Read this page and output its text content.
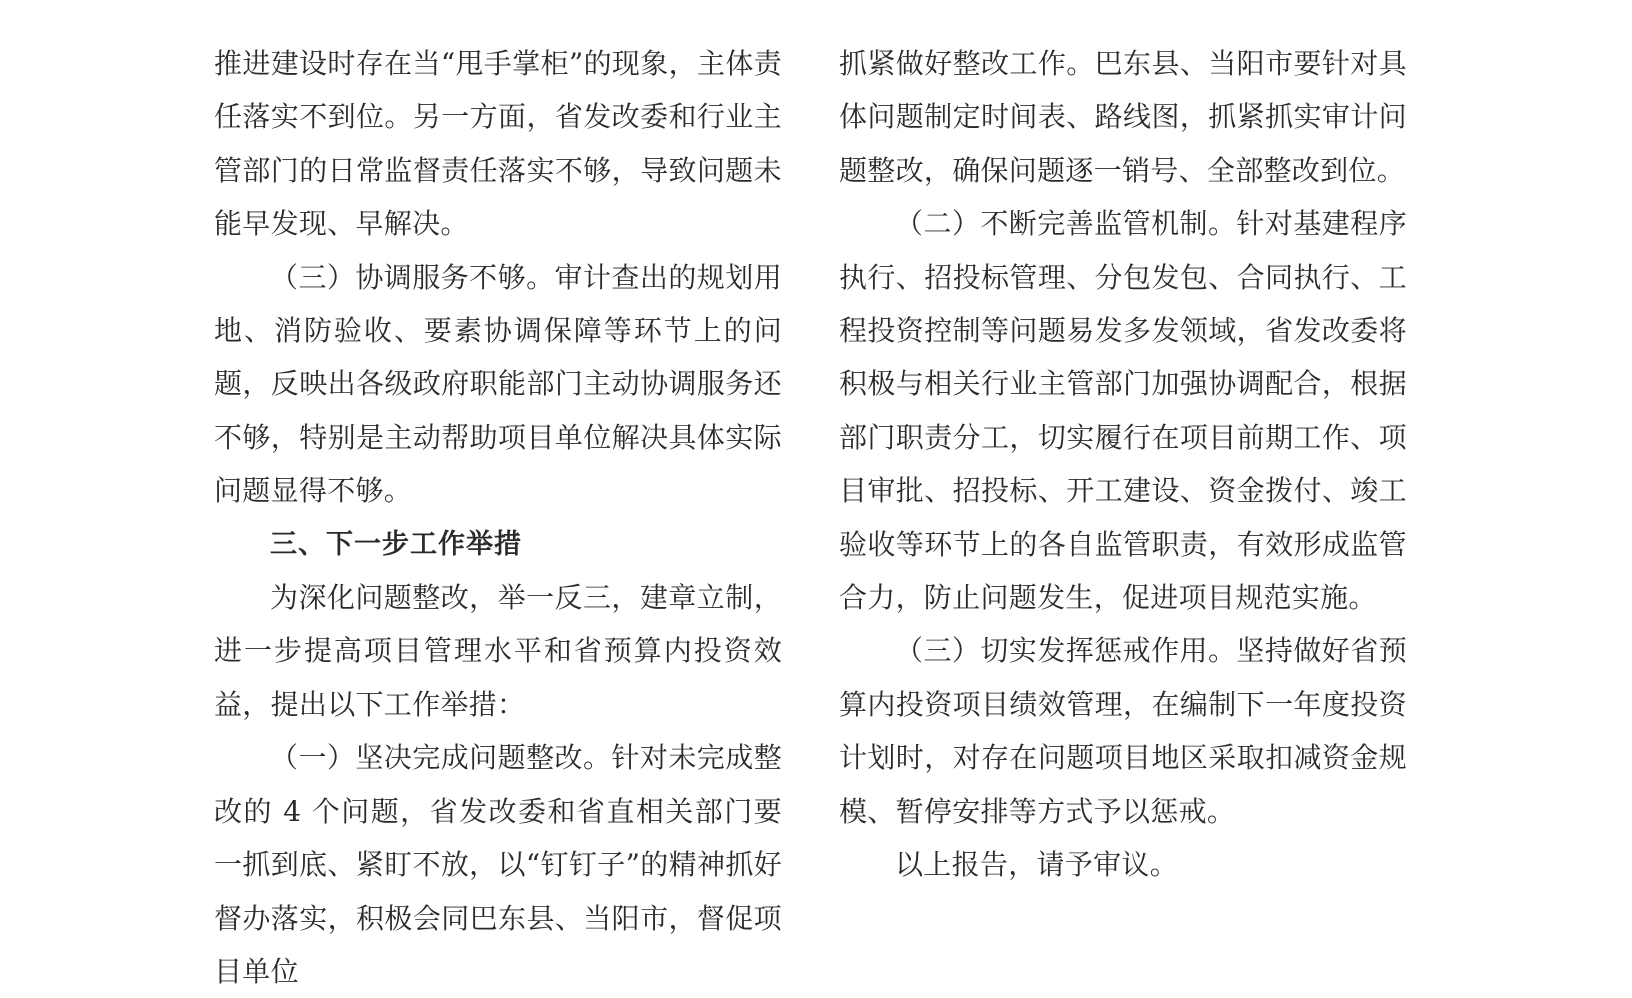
推进建设时存在当“甩手掌柜”的现象，主体责任落实不到位。另一方面，省发改委和行业主管部门的日常监督责任落实不够，导致问题未能早发现、早解决。

（三）协调服务不够。审计查出的规划用地、消防验收、要素协调保障等环节上的问题，反映出各级政府职能部门主动协调服务还不够，特别是主动帮助项目单位解决具体实际问题显得不够。

三、下一步工作举措

为深化问题整改，举一反三，建章立制，进一步提高项目管理水平和省预算内投资效益，提出以下工作举措：

（一）坚决完成问题整改。针对未完成整改的 4 个问题，省发改委和省直相关部门要一抓到底、紧盯不放，以“钉钉子”的精神抓好督办落实，积极会同巴东县、当阳市，督促项目单位

抓紧做好整改工作。巴东县、当阳市要针对具体问题制定时间表、路线图，抓紧抓实审计问题整改，确保问题逐一销号、全部整改到位。

（二）不断完善监管机制。针对基建程序执行、招投标管理、分包发包、合同执行、工程投资控制等问题易发多发领域，省发改委将积极与相关行业主管部门加强协调配合，根据部门职责分工，切实履行在项目前期工作、项目审批、招投标、开工建设、资金拨付、竣工验收等环节上的各自监管职责，有效形成监管合力，防止问题发生，促进项目规范实施。

（三）切实发挥惩戒作用。坚持做好省预算内投资项目绩效管理，在编制下一年度投资计划时，对存在问题项目地区采取扣减资金规模、暂停安排等方式予以惩戒。

以上报告，请予审议。
